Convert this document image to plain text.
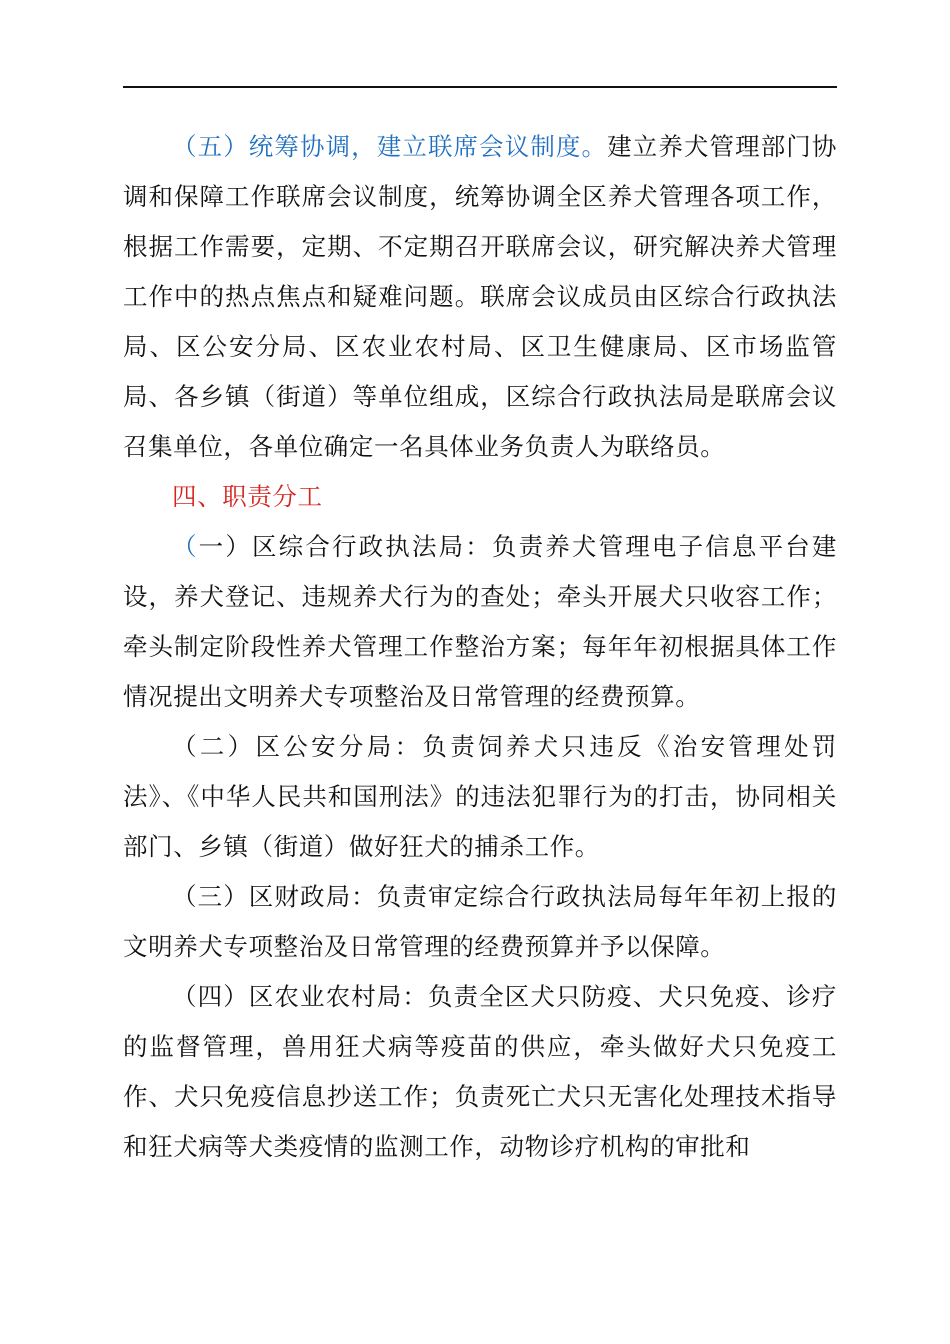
（五）统筹协调，建立联席会议制度。建立养犬管理部门协调和保障工作联席会议制度，统筹协调全区养犬管理各项工作，根据工作需要，定期、不定期召开联席会议，研究解决养犬管理工作中的热点焦点和疑难问题。联席会议成员由区综合行政执法局、区公安分局、区农业农村局、区卫生健康局、区市场监管局、各乡镇（街道）等单位组成，区综合行政执法局是联席会议召集单位，各单位确定一名具体业务负责人为联络员。

四、职责分工

（一）区综合行政执法局：负责养犬管理电子信息平台建设，养犬登记、违规养犬行为的查处；牵头开展犬只收容工作；牵头制定阶段性养犬管理工作整治方案；每年年初根据具体工作情况提出文明养犬专项整治及日常管理的经费预算。

（二）区公安分局：负责饲养犬只违反《治安管理处罚法》、《中华人民共和国刑法》的违法犯罪行为的打击，协同相关部门、乡镇（街道）做好狂犬的捕杀工作。

（三）区财政局：负责审定综合行政执法局每年年初上报的文明养犬专项整治及日常管理的经费预算并予以保障。

（四）区农业农村局：负责全区犬只防疫、犬只免疫、诊疗的监督管理，兽用狂犬病等疫苗的供应，牵头做好犬只免疫工作、犬只免疫信息抄送工作；负责死亡犬只无害化处理技术指导和狂犬病等犬类疫情的监测工作，动物诊疗机构的审批和
